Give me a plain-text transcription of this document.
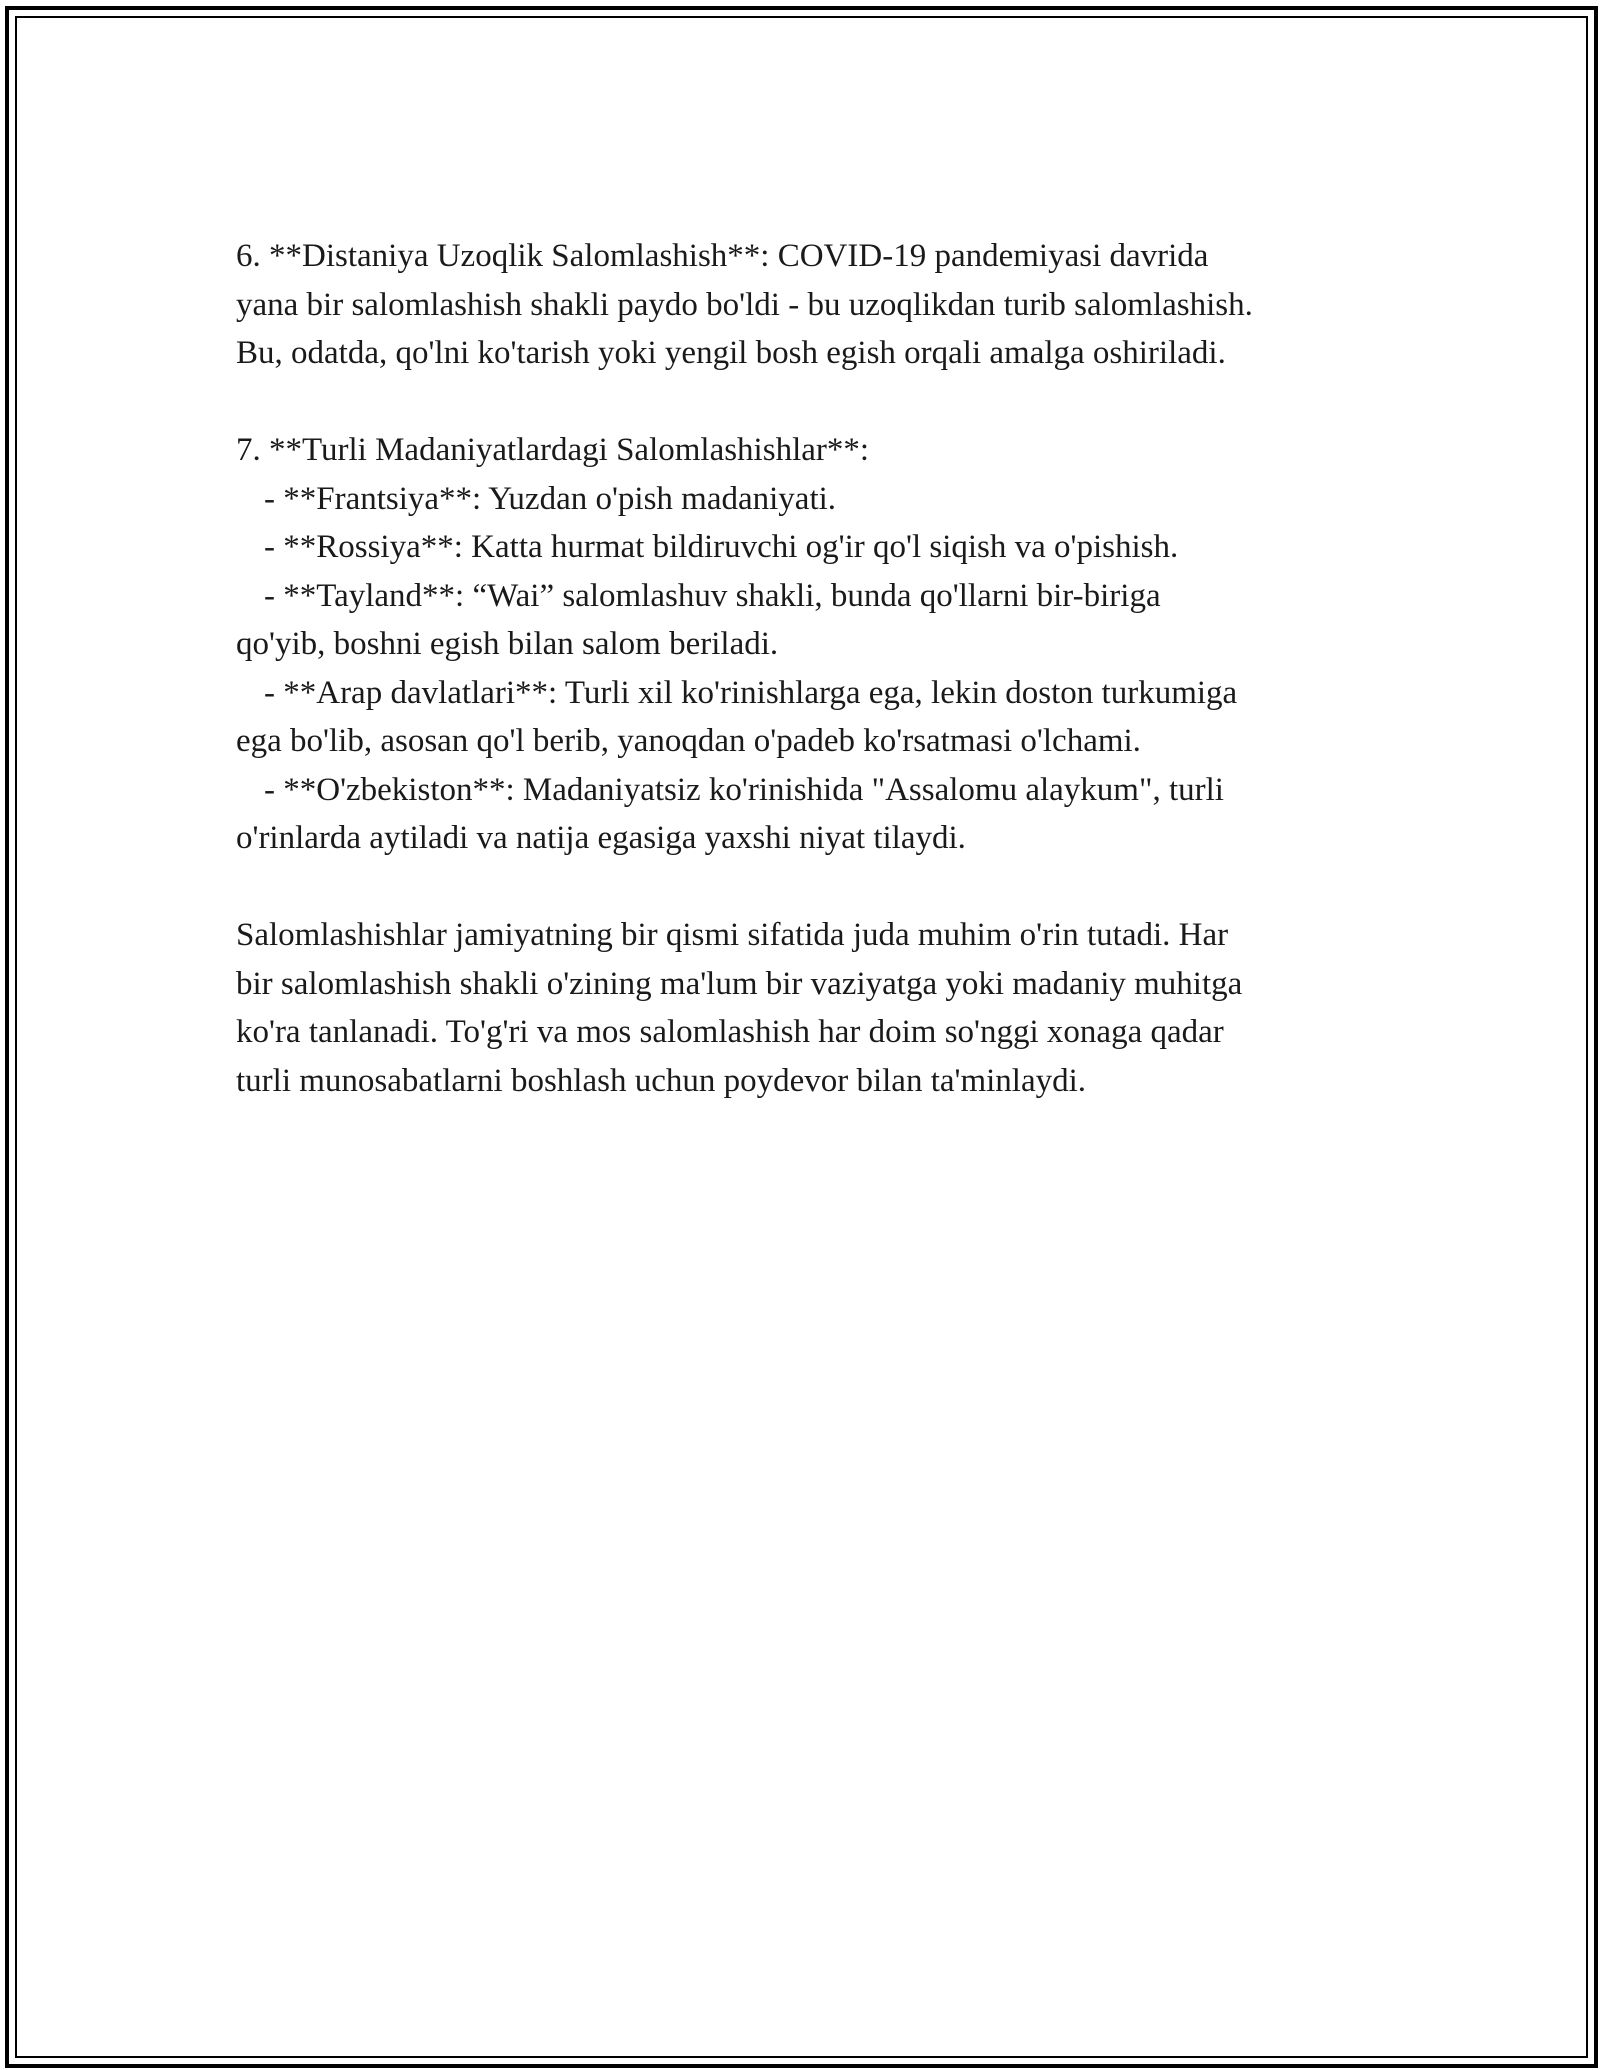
6. **Distaniya Uzoqlik Salomlashish**: COVID-19 pandemiyasi davrida
yana bir salomlashish shakli paydo bo'ldi - bu uzoqlikdan turib salomlashish.
Bu, odatda, qo'lni ko'tarish yoki yengil bosh egish orqali amalga oshiriladi.

7. **Turli Madaniyatlardagi Salomlashishlar**:
- **Frantsiya**: Yuzdan o'pish madaniyati.
- **Rossiya**: Katta hurmat bildiruvchi og'ir qo'l siqish va o'pishish.
- **Tayland**: “Wai” salomlashuv shakli, bunda qo'llarni bir-biriga
qo'yib, boshni egish bilan salom beriladi.
- **Arap davlatlari**: Turli xil ko'rinishlarga ega, lekin doston turkumiga
ega bo'lib, asosan qo'l berib, yanoqdan o'padeb ko'rsatmasi o'lchami.
- **O'zbekiston**: Madaniyatsiz ko'rinishida "Assalomu alaykum", turli
o'rinlarda aytiladi va natija egasiga yaxshi niyat tilaydi.

Salomlashishlar jamiyatning bir qismi sifatida juda muhim o'rin tutadi. Har
bir salomlashish shakli o'zining ma'lum bir vaziyatga yoki madaniy muhitga
ko'ra tanlanadi. To'g'ri va mos salomlashish har doim so'nggi xonaga qadar
turli munosabatlarni boshlash uchun poydevor bilan ta'minlaydi.
